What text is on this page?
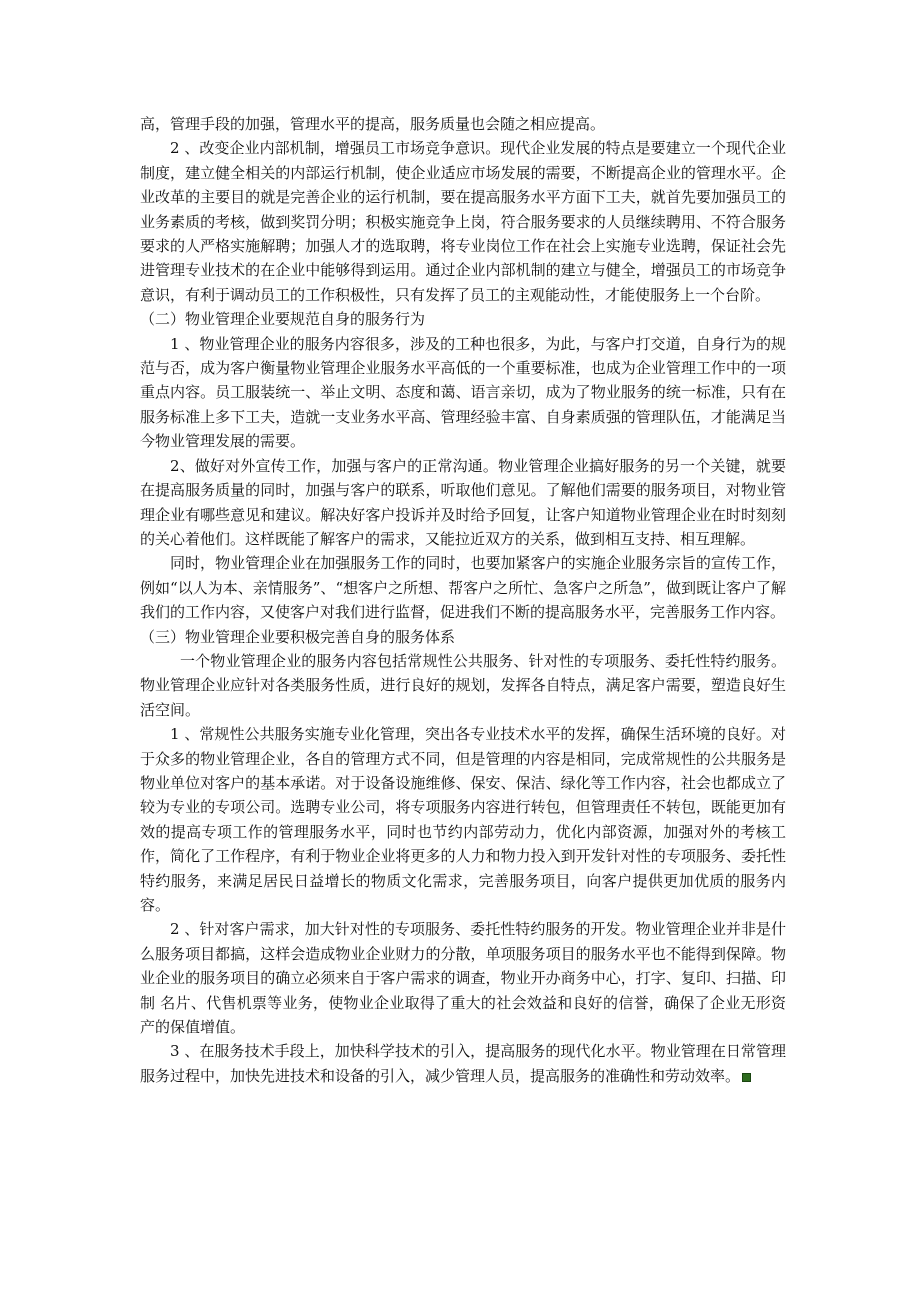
高，管理手段的加强，管理水平的提高，服务质量也会随之相应提高。

2 、改变企业内部机制，增强员工市场竞争意识。现代企业发展的特点是要建立一个现代企业制度，建立健全相关的内部运行机制，使企业适应市场发展的需要，不断提高企业的管理水平。企业改革的主要目的就是完善企业的运行机制，要在提高服务水平方面下工夫，就首先要加强员工的业务素质的考核，做到奖罚分明；积极实施竞争上岗，符合服务要求的人员继续聘用、不符合服务要求的人严格实施解聘；加强人才的选取聘，将专业岗位工作在社会上实施专业选聘，保证社会先进管理专业技术的在企业中能够得到运用。通过企业内部机制的建立与健全，增强员工的市场竞争意识，有利于调动员工的工作积极性，只有发挥了员工的主观能动性，才能使服务上一个台阶。

（二）物业管理企业要规范自身的服务行为

1 、物业管理企业的服务内容很多，涉及的工种也很多，为此，与客户打交道，自身行为的规范与否，成为客户衡量物业管理企业服务水平高低的一个重要标准，也成为企业管理工作中的一项重点内容。员工服装统一、举止文明、态度和蔼、语言亲切，成为了物业服务的统一标准，只有在服务标准上多下工夫，造就一支业务水平高、管理经验丰富、自身素质强的管理队伍，才能满足当今物业管理发展的需要。

2、做好对外宣传工作，加强与客户的正常沟通。物业管理企业搞好服务的另一个关键，就要在提高服务质量的同时，加强与客户的联系，听取他们意见。了解他们需要的服务项目，对物业管理企业有哪些意见和建议。解决好客户投诉并及时给予回复，让客户知道物业管理企业在时时刻刻的关心着他们。这样既能了解客户的需求，又能拉近双方的关系，做到相互支持、相互理解。

同时，物业管理企业在加强服务工作的同时，也要加紧客户的实施企业服务宗旨的宣传工作，例如“以人为本、亲情服务”、“想客户之所想、帮客户之所忙、急客户之所急”，做到既让客户了解我们的工作内容，又使客户对我们进行监督，促进我们不断的提高服务水平，完善服务工作内容。

（三）物业管理企业要积极完善自身的服务体系

一个物业管理企业的服务内容包括常规性公共服务、针对性的专项服务、委托性特约服务。物业管理企业应针对各类服务性质，进行良好的规划，发挥各自特点，满足客户需要，塑造良好生活空间。

1 、常规性公共服务实施专业化管理，突出各专业技术水平的发挥，确保生活环境的良好。对于众多的物业管理企业，各自的管理方式不同，但是管理的内容是相同，完成常规性的公共服务是物业单位对客户的基本承诺。对于设备设施维修、保安、保洁、绿化等工作内容，社会也都成立了较为专业的专项公司。选聘专业公司，将专项服务内容进行转包，但管理责任不转包，既能更加有效的提高专项工作的管理服务水平，同时也节约内部劳动力，优化内部资源，加强对外的考核工作，简化了工作程序，有利于物业企业将更多的人力和物力投入到开发针对性的专项服务、委托性特约服务，来满足居民日益增长的物质文化需求，完善服务项目，向客户提供更加优质的服务内容。

2 、针对客户需求，加大针对性的专项服务、委托性特约服务的开发。物业管理企业并非是什么服务项目都搞，这样会造成物业企业财力的分散，单项服务项目的服务水平也不能得到保障。物业企业的服务项目的确立必须来自于客户需求的调查，物业开办商务中心，打字、复印、扫描、印制 名片、代售机票等业务，使物业企业取得了重大的社会效益和良好的信誉，确保了企业无形资产的保值增值。

3 、在服务技术手段上，加快科学技术的引入，提高服务的现代化水平。物业管理在日常管理服务过程中，加快先进技术和设备的引入，减少管理人员，提高服务的准确性和劳动效率。
